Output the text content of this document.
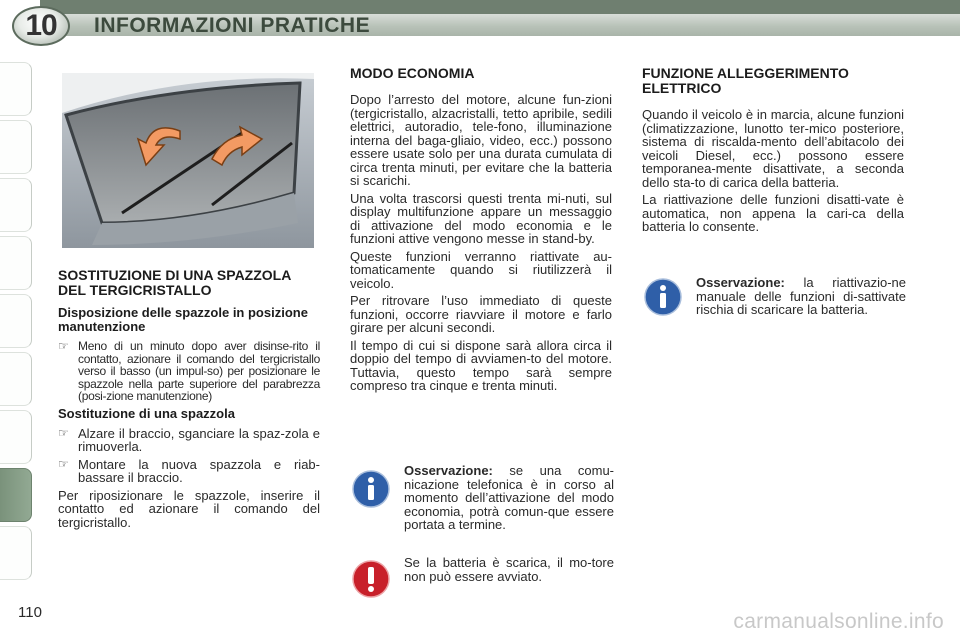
10 INFORMAZIONI PRATICHE
SOSTITUZIONE DI UNA SPAZZOLA DEL TERGICRISTALLO
Disposizione delle spazzole in posizione manutenzione
☞ Meno di un minuto dopo aver disinse-rito il contatto, azionare il comando del tergicristallo verso il basso (un impul-so) per posizionare le spazzole nella parte superiore del parabrezza (posi-zione manutenzione)
Sostituzione di una spazzola
☞ Alzare il braccio, sganciare la spaz-zola e rimuoverla.
☞ Montare la nuova spazzola e riab-bassare il braccio.

Per riposizionare le spazzole, inserire il contatto ed azionare il comando del tergicristallo.

MODO ECONOMIA

Dopo l’arresto del motore, alcune fun-zioni (tergicristallo, alzacristalli, tetto apribile, sedili elettrici, autoradio, tele-fono, illuminazione interna del baga-gliaio, video, ecc.) possono essere usate solo per una durata cumulata di circa trenta minuti, per evitare che la batteria si scarichi.

Una volta trascorsi questi trenta mi-nuti, sul display multifunzione appare un messaggio di attivazione del modo economia e le funzioni attive vengono messe in stand-by.

Queste funzioni verranno riattivate au-tomaticamente quando si riutilizzerà il veicolo.

Per ritrovare l’uso immediato di queste funzioni, occorre riavviare il motore e farlo girare per alcuni secondi.

Il tempo di cui si dispone sarà allora circa il doppio del tempo di avviamen-to del motore. Tuttavia, questo tempo sarà sempre compreso tra cinque e trenta minuti.

FUNZIONE ALLEGGERIMENTO ELETTRICO

Quando il veicolo è in marcia, alcune funzioni (climatizzazione, lunotto ter-mico posteriore, sistema di riscalda-mento dell’abitacolo dei veicoli Diesel, ecc.) possono essere temporanea-mente disattivate, a seconda dello sta-to di carica della batteria.

La riattivazione delle funzioni disatti-vate è automatica, non appena la cari-ca della batteria lo consente.

Osservazione: se una comu-nicazione telefonica è in corso al momento dell’attivazione del modo economia, potrà comun-que essere portata a termine.
Se la batteria è scarica, il mo-tore non può essere avviato.
Osservazione: la riattivazio-ne manuale delle funzioni di-sattivate rischia di scaricare la batteria.
110	carmanualsonline.info
